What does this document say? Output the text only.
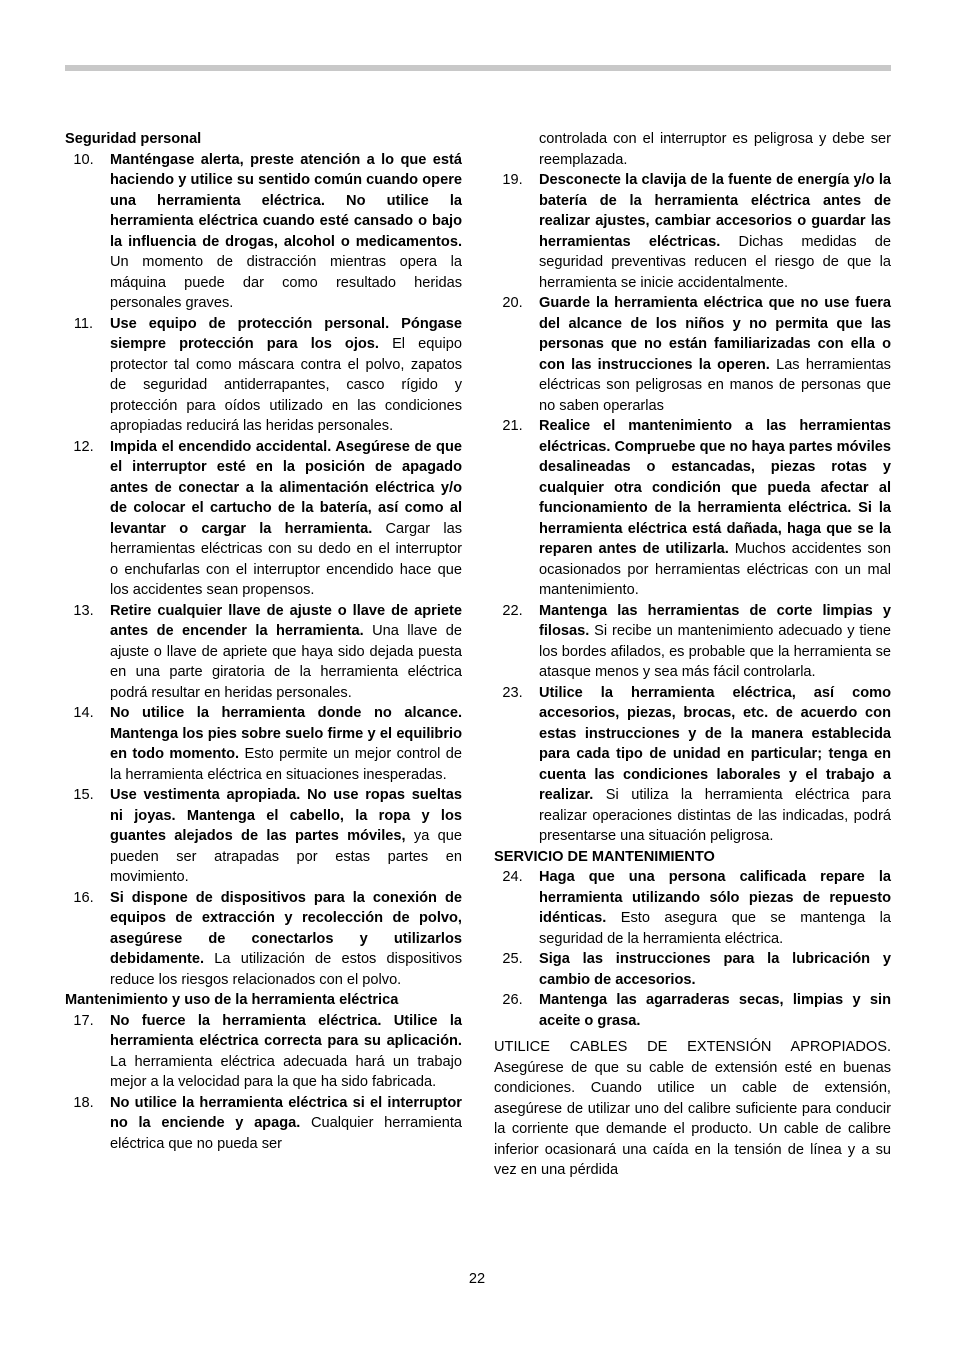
Seguridad personal
10.	Manténgase alerta, preste atención a lo que está haciendo y utilice su sentido común cuando opere una herramienta eléctrica. No utilice la herramienta eléctrica cuando esté cansado o bajo la influencia de drogas, alcohol o medicamentos. Un momento de distracción mientras opera la máquina puede dar como resultado heridas personales graves.
11.	Use equipo de protección personal. Póngase siempre protección para los ojos. El equipo protector tal como máscara contra el polvo, zapatos de seguridad antiderrapantes, casco rígido y protección para oídos utilizado en las condiciones apropiadas reducirá las heridas personales.
12.	Impida el encendido accidental. Asegúrese de que el interruptor esté en la posición de apagado antes de conectar a la alimentación eléctrica y/o de colocar el cartucho de la batería, así como al levantar o cargar la herramienta. Cargar las herramientas eléctricas con su dedo en el interruptor o enchufarlas con el interruptor encendido hace que los accidentes sean propensos.
13.	Retire cualquier llave de ajuste o llave de apriete antes de encender la herramienta. Una llave de ajuste o llave de apriete que haya sido dejada puesta en una parte giratoria de la herramienta eléctrica podrá resultar en heridas personales.
14.	No utilice la herramienta donde no alcance. Mantenga los pies sobre suelo firme y el equilibrio en todo momento. Esto permite un mejor control de la herramienta eléctrica en situaciones inesperadas.
15.	Use vestimenta apropiada. No use ropas sueltas ni joyas. Mantenga el cabello, la ropa y los guantes alejados de las partes móviles, ya que pueden ser atrapadas por estas partes en movimiento.
16.	Si dispone de dispositivos para la conexión de equipos de extracción y recolección de polvo, asegúrese de conectarlos y utilizarlos debidamente. La utilización de estos dispositivos reduce los riesgos relacionados con el polvo.
Mantenimiento y uso de la herramienta eléctrica
17.	No fuerce la herramienta eléctrica. Utilice la herramienta eléctrica correcta para su aplicación. La herramienta eléctrica adecuada hará un trabajo mejor a la velocidad para la que ha sido fabricada.
18.	No utilice la herramienta eléctrica si el interruptor no la enciende y apaga. Cualquier herramienta eléctrica que no pueda ser
controlada con el interruptor es peligrosa y debe ser reemplazada.
19.	Desconecte la clavija de la fuente de energía y/o la batería de la herramienta eléctrica antes de realizar ajustes, cambiar accesorios o guardar las herramientas eléctricas. Dichas medidas de seguridad preventivas reducen el riesgo de que la herramienta se inicie accidentalmente.
20.	Guarde la herramienta eléctrica que no use fuera del alcance de los niños y no permita que las personas que no están familiarizadas con ella o con las instrucciones la operen. Las herramientas eléctricas son peligrosas en manos de personas que no saben operarlas
21.	Realice el mantenimiento a las herramientas eléctricas. Compruebe que no haya partes móviles desalineadas o estancadas, piezas rotas y cualquier otra condición que pueda afectar al funcionamiento de la herramienta eléctrica. Si la herramienta eléctrica está dañada, haga que se la reparen antes de utilizarla. Muchos accidentes son ocasionados por herramientas eléctricas con un mal mantenimiento.
22.	Mantenga las herramientas de corte limpias y filosas. Si recibe un mantenimiento adecuado y tiene los bordes afilados, es probable que la herramienta se atasque menos y sea más fácil controlarla.
23.	Utilice la herramienta eléctrica, así como accesorios, piezas, brocas, etc. de acuerdo con estas instrucciones y de la manera establecida para cada tipo de unidad en particular; tenga en cuenta las condiciones laborales y el trabajo a realizar. Si utiliza la herramienta eléctrica para realizar operaciones distintas de las indicadas, podrá presentarse una situación peligrosa.
SERVICIO DE MANTENIMIENTO
24.	Haga que una persona calificada repare la herramienta utilizando sólo piezas de repuesto idénticas. Esto asegura que se mantenga la seguridad de la herramienta eléctrica.
25.	Siga las instrucciones para la lubricación y cambio de accesorios.
26.	Mantenga las agarraderas secas, limpias y sin aceite o grasa.
UTILICE CABLES DE EXTENSIÓN APROPIADOS. Asegúrese de que su cable de extensión esté en buenas condiciones. Cuando utilice un cable de extensión, asegúrese de utilizar uno del calibre suficiente para conducir la corriente que demande el producto. Un cable de calibre inferior ocasionará una caída en la tensión de línea y a su vez en una pérdida
22
